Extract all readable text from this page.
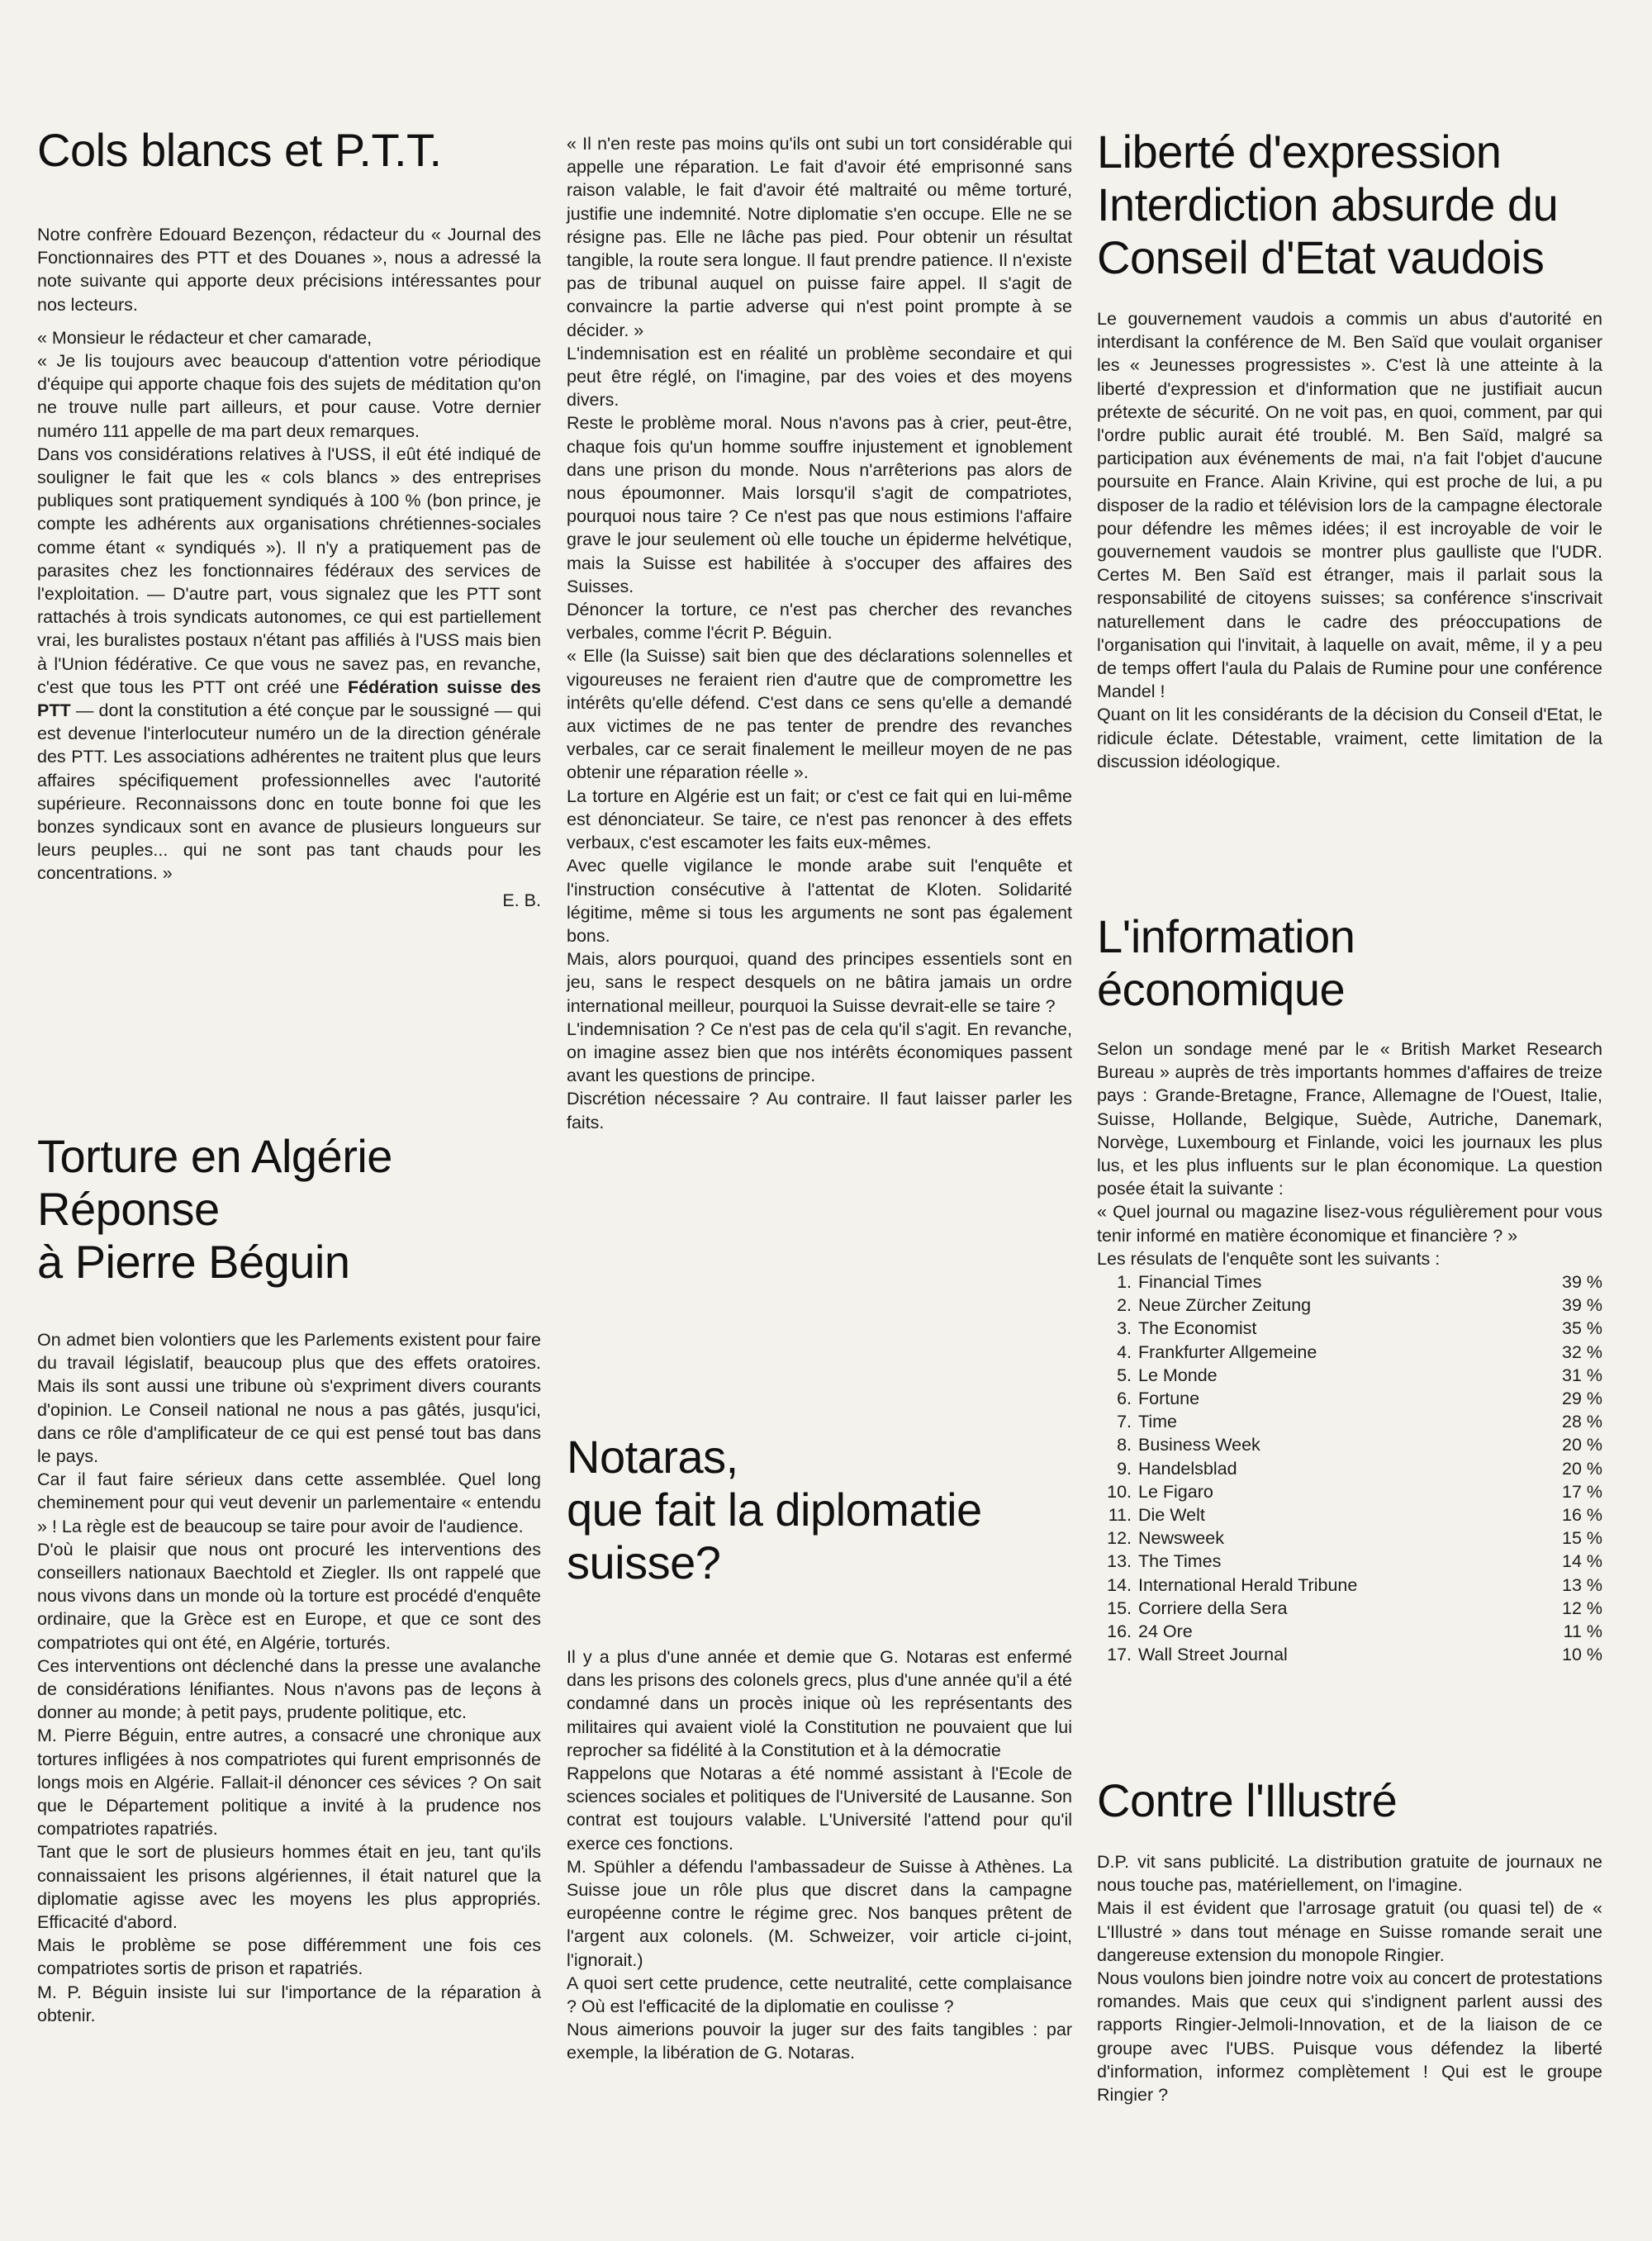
Cols blancs et P.T.T.

Notre confrère Edouard Bezençon, rédacteur du « Journal des Fonctionnaires des PTT et des Douanes », nous a adressé la note suivante qui apporte deux précisions intéressantes pour nos lecteurs.

« Monsieur le rédacteur et cher camarade,

« Je lis toujours avec beaucoup d'attention votre périodique d'équipe qui apporte chaque fois des sujets de méditation qu'on ne trouve nulle part ailleurs, et pour cause. Votre dernier numéro 111 appelle de ma part deux remarques.

Dans vos considérations relatives à l'USS, il eût été indiqué de souligner le fait que les « cols blancs » des entreprises publiques sont pratiquement syndiqués à 100 % (bon prince, je compte les adhérents aux organisations chrétiennes-sociales comme étant « syndiqués »). Il n'y a pratiquement pas de parasites chez les fonctionnaires fédéraux des services de l'exploitation. — D'autre part, vous signalez que les PTT sont rattachés à trois syndicats autonomes, ce qui est partiellement vrai, les buralistes postaux n'étant pas affiliés à l'USS mais bien à l'Union fédérative. Ce que vous ne savez pas, en revanche, c'est que tous les PTT ont créé une Fédération suisse des PTT — dont la constitution a été conçue par le soussigné — qui est devenue l'interlocuteur numéro un de la direction générale des PTT. Les associations adhérentes ne traitent plus que leurs affaires spécifiquement professionnelles avec l'autorité supérieure. Reconnaissons donc en toute bonne foi que les bonzes syndicaux sont en avance de plusieurs longueurs sur leurs peuples... qui ne sont pas tant chauds pour les concentrations. »

E. B.

Torture en Algérie
Réponse
à Pierre Béguin

On admet bien volontiers que les Parlements existent pour faire du travail législatif, beaucoup plus que des effets oratoires. Mais ils sont aussi une tribune où s'expriment divers courants d'opinion. Le Conseil national ne nous a pas gâtés, jusqu'ici, dans ce rôle d'amplificateur de ce qui est pensé tout bas dans le pays.

Car il faut faire sérieux dans cette assemblée. Quel long cheminement pour qui veut devenir un parlementaire « entendu » ! La règle est de beaucoup se taire pour avoir de l'audience.

D'où le plaisir que nous ont procuré les interventions des conseillers nationaux Baechtold et Ziegler. Ils ont rappelé que nous vivons dans un monde où la torture est procédé d'enquête ordinaire, que la Grèce est en Europe, et que ce sont des compatriotes qui ont été, en Algérie, torturés.

Ces interventions ont déclenché dans la presse une avalanche de considérations lénifiantes. Nous n'avons pas de leçons à donner au monde; à petit pays, prudente politique, etc.

M. Pierre Béguin, entre autres, a consacré une chronique aux tortures infligées à nos compatriotes qui furent emprisonnés de longs mois en Algérie. Fallait-il dénoncer ces sévices ? On sait que le Département politique a invité à la prudence nos compatriotes rapatriés.

Tant que le sort de plusieurs hommes était en jeu, tant qu'ils connaissaient les prisons algériennes, il était naturel que la diplomatie agisse avec les moyens les plus appropriés. Efficacité d'abord.

Mais le problème se pose différemment une fois ces compatriotes sortis de prison et rapatriés.

M. P. Béguin insiste lui sur l'importance de la réparation à obtenir.

« Il n'en reste pas moins qu'ils ont subi un tort considérable qui appelle une réparation. Le fait d'avoir été emprisonné sans raison valable, le fait d'avoir été maltraité ou même torturé, justifie une indemnité. Notre diplomatie s'en occupe. Elle ne se résigne pas. Elle ne lâche pas pied. Pour obtenir un résultat tangible, la route sera longue. Il faut prendre patience. Il n'existe pas de tribunal auquel on puisse faire appel. Il s'agit de convaincre la partie adverse qui n'est point prompte à se décider. »

L'indemnisation est en réalité un problème secondaire et qui peut être réglé, on l'imagine, par des voies et des moyens divers.

Reste le problème moral. Nous n'avons pas à crier, peut-être, chaque fois qu'un homme souffre injustement et ignoblement dans une prison du monde. Nous n'arrêterions pas alors de nous époumonner. Mais lorsqu'il s'agit de compatriotes, pourquoi nous taire ? Ce n'est pas que nous estimions l'affaire grave le jour seulement où elle touche un épiderme helvétique, mais la Suisse est habilitée à s'occuper des affaires des Suisses.

Dénoncer la torture, ce n'est pas chercher des revanches verbales, comme l'écrit P. Béguin.

« Elle (la Suisse) sait bien que des déclarations solennelles et vigoureuses ne feraient rien d'autre que de compromettre les intérêts qu'elle défend. C'est dans ce sens qu'elle a demandé aux victimes de ne pas tenter de prendre des revanches verbales, car ce serait finalement le meilleur moyen de ne pas obtenir une réparation réelle ».

La torture en Algérie est un fait; or c'est ce fait qui en lui-même est dénonciateur. Se taire, ce n'est pas renoncer à des effets verbaux, c'est escamoter les faits eux-mêmes.

Avec quelle vigilance le monde arabe suit l'enquête et l'instruction consécutive à l'attentat de Kloten. Solidarité légitime, même si tous les arguments ne sont pas également bons.

Mais, alors pourquoi, quand des principes essentiels sont en jeu, sans le respect desquels on ne bâtira jamais un ordre international meilleur, pourquoi la Suisse devrait-elle se taire ?

L'indemnisation ? Ce n'est pas de cela qu'il s'agit. En revanche, on imagine assez bien que nos intérêts économiques passent avant les questions de principe.

Discrétion nécessaire ? Au contraire. Il faut laisser parler les faits.

Notaras,
que fait la diplomatie
suisse?

Il y a plus d'une année et demie que G. Notaras est enfermé dans les prisons des colonels grecs, plus d'une année qu'il a été condamné dans un procès inique où les représentants des militaires qui avaient violé la Constitution ne pouvaient que lui reprocher sa fidélité à la Constitution et à la démocratie

Rappelons que Notaras a été nommé assistant à l'Ecole de sciences sociales et politiques de l'Université de Lausanne. Son contrat est toujours valable. L'Université l'attend pour qu'il exerce ces fonctions.

M. Spühler a défendu l'ambassadeur de Suisse à Athènes. La Suisse joue un rôle plus que discret dans la campagne européenne contre le régime grec. Nos banques prêtent de l'argent aux colonels. (M. Schweizer, voir article ci-joint, l'ignorait.)

A quoi sert cette prudence, cette neutralité, cette complaisance ? Où est l'efficacité de la diplomatie en coulisse ?

Nous aimerions pouvoir la juger sur des faits tangibles : par exemple, la libération de G. Notaras.

Liberté d'expression
Interdiction absurde du
Conseil d'Etat vaudois

Le gouvernement vaudois a commis un abus d'autorité en interdisant la conférence de M. Ben Saïd que voulait organiser les « Jeunesses progressistes ». C'est là une atteinte à la liberté d'expression et d'information que ne justifiait aucun prétexte de sécurité. On ne voit pas, en quoi, comment, par qui l'ordre public aurait été troublé. M. Ben Saïd, malgré sa participation aux événements de mai, n'a fait l'objet d'aucune poursuite en France. Alain Krivine, qui est proche de lui, a pu disposer de la radio et télévision lors de la campagne électorale pour défendre les mêmes idées; il est incroyable de voir le gouvernement vaudois se montrer plus gaulliste que l'UDR. Certes M. Ben Saïd est étranger, mais il parlait sous la responsabilité de citoyens suisses; sa conférence s'inscrivait naturellement dans le cadre des préoccupations de l'organisation qui l'invitait, à laquelle on avait, même, il y a peu de temps offert l'aula du Palais de Rumine pour une conférence Mandel !

Quant on lit les considérants de la décision du Conseil d'Etat, le ridicule éclate. Détestable, vraiment, cette limitation de la discussion idéologique.

L'information
économique

Selon un sondage mené par le « British Market Research Bureau » auprès de très importants hommes d'affaires de treize pays : Grande-Bretagne, France, Allemagne de l'Ouest, Italie, Suisse, Hollande, Belgique, Suède, Autriche, Danemark, Norvège, Luxembourg et Finlande, voici les journaux les plus lus, et les plus influents sur le plan économique. La question posée était la suivante :

« Quel journal ou magazine lisez-vous régulièrement pour vous tenir informé en matière économique et financière ? »

Les résulats de l'enquête sont les suivants :

1.	Financial Times	39 %
2.	Neue Zürcher Zeitung	39 %
3.	The Economist	35 %
4.	Frankfurter Allgemeine	32 %
5.	Le Monde	31 %
6.	Fortune	29 %
7.	Time	28 %
8.	Business Week	20 %
9.	Handelsblad	20 %
10.	Le Figaro	17 %
11.	Die Welt	16 %
12.	Newsweek	15 %
13.	The Times	14 %
14.	International Herald Tribune	13 %
15.	Corriere della Sera	12 %
16.	24 Ore	11 %
17.	Wall Street Journal	10 %
Contre l'Illustré

D.P. vit sans publicité. La distribution gratuite de journaux ne nous touche pas, matériellement, on l'imagine.

Mais il est évident que l'arrosage gratuit (ou quasi tel) de « L'Illustré » dans tout ménage en Suisse romande serait une dangereuse extension du monopole Ringier.

Nous voulons bien joindre notre voix au concert de protestations romandes. Mais que ceux qui s'indignent parlent aussi des rapports Ringier-Jelmoli-Innovation, et de la liaison de ce groupe avec l'UBS. Puisque vous défendez la liberté d'information, informez complètement ! Qui est le groupe Ringier ?
